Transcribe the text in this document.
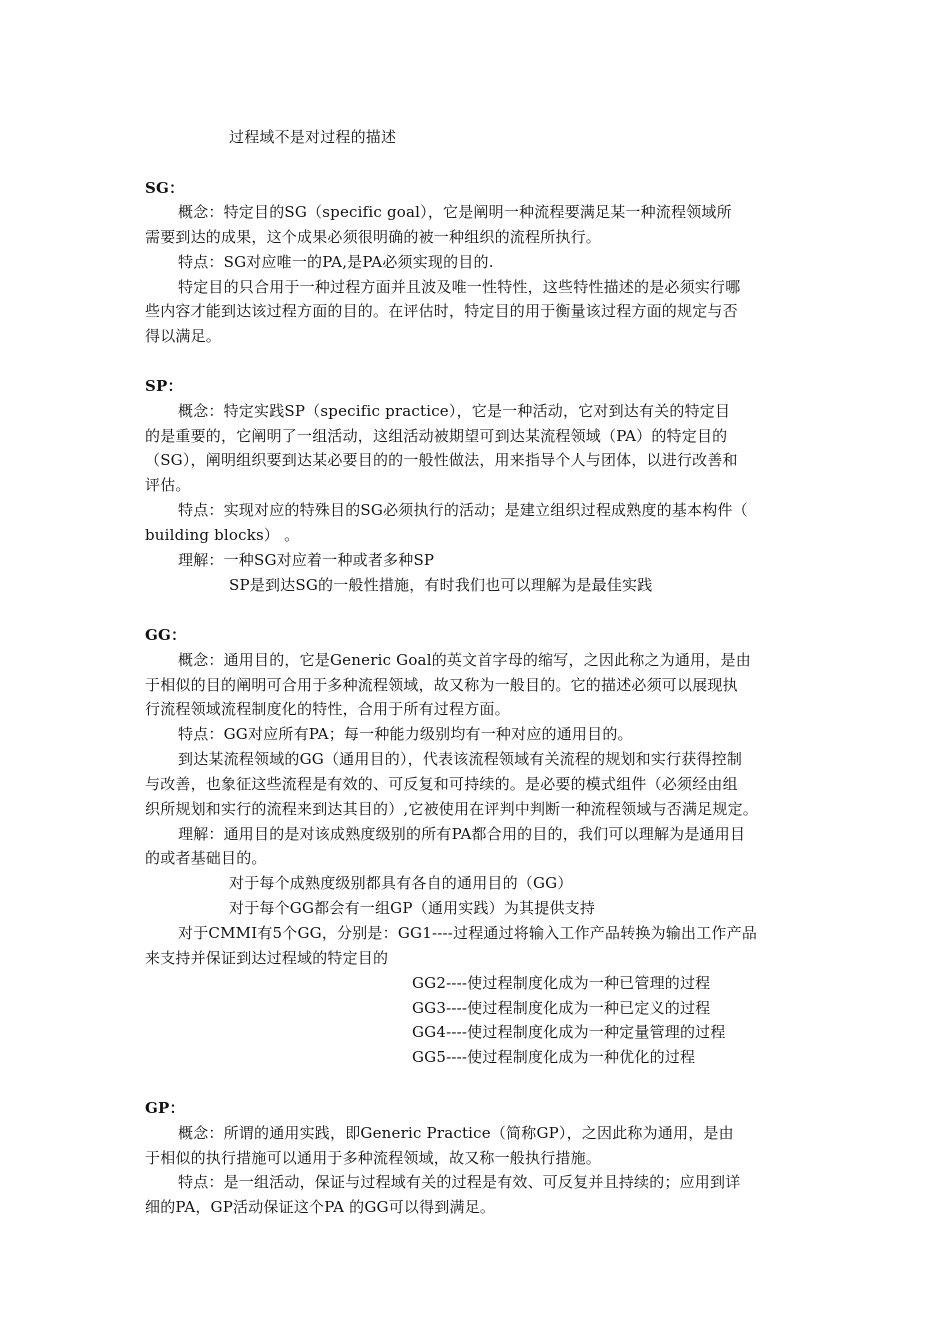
过程域不是对过程的描述
SG：
概念：特定目的SG（specific goal），它是阐明一种流程要满足某一种流程领域所
需要到达的成果，这个成果必须很明确的被一种组织的流程所执行。
特点：SG对应唯一的PA,是PA必须实现的目的.
特定目的只合用于一种过程方面并且波及唯一性特性，这些特性描述的是必须实行哪
些内容才能到达该过程方面的目的。在评估时，特定目的用于衡量该过程方面的规定与否
得以满足。
SP：
概念：特定实践SP（specific practice），它是一种活动，它对到达有关的特定目
的是重要的，它阐明了一组活动，这组活动被期望可到达某流程领域（PA）的特定目的
（SG），阐明组织要到达某必要目的的一般性做法，用来指导个人与团体，以进行改善和
评估。
特点：实现对应的特殊目的SG必须执行的活动；是建立组织过程成熟度的基本构件（
building blocks） 。
理解：一种SG对应着一种或者多种SP
SP是到达SG的一般性措施，有时我们也可以理解为是最佳实践
GG：
概念：通用目的，它是Generic Goal的英文首字母的缩写，之因此称之为通用，是由
于相似的目的阐明可合用于多种流程领域，故又称为一般目的。它的描述必须可以展现执
行流程领域流程制度化的特性，合用于所有过程方面。
特点：GG对应所有PA；每一种能力级别均有一种对应的通用目的。
到达某流程领域的GG（通用目的），代表该流程领域有关流程的规划和实行获得控制
与改善，也象征这些流程是有效的、可反复和可持续的。是必要的模式组件（必须经由组
织所规划和实行的流程来到达其目的）,它被使用在评判中判断一种流程领域与否满足规定。
理解：通用目的是对该成熟度级别的所有PA都合用的目的，我们可以理解为是通用目
的或者基础目的。
对于每个成熟度级别都具有各自的通用目的（GG）
对于每个GG都会有一组GP（通用实践）为其提供支持
对于CMMI有5个GG，分别是：GG1----过程通过将输入工作产品转换为输出工作产品
来支持并保证到达过程域的特定目的
GG2----使过程制度化成为一种已管理的过程
GG3----使过程制度化成为一种已定义的过程
GG4----使过程制度化成为一种定量管理的过程
GG5----使过程制度化成为一种优化的过程
GP：
概念：所谓的通用实践，即Generic Practice（简称GP），之因此称为通用，是由
于相似的执行措施可以通用于多种流程领域，故又称一般执行措施。
特点：是一组活动，保证与过程域有关的过程是有效、可反复并且持续的；应用到详
细的PA，GP活动保证这个PA 的GG可以得到满足。
